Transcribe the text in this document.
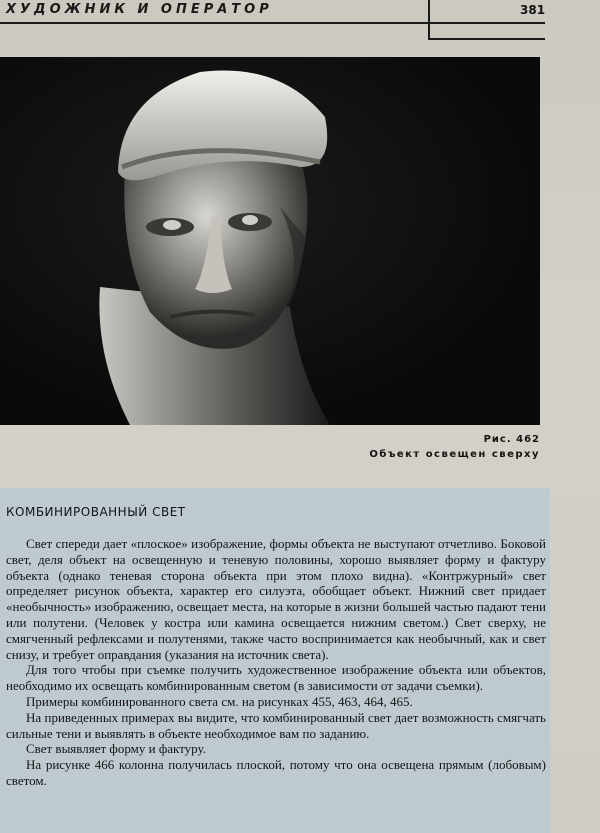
ХУДОЖНИК И ОПЕРАТОР	381
Рис. 462
Объект освещен сверху
КОМБИНИРОВАННЫЙ СВЕТ

Свет спереди дает «плоское» изображение, формы объекта не выступают отчетливо. Боковой свет, деля объект на освещенную и теневую половины, хорошо выявляет форму и фактуру объекта (однако теневая сторона объекта при этом плохо видна). «Контржурный» свет определяет рисунок объекта, характер его силуэта, обобщает объект. Нижний свет придает «необычность» изображению, освещает места, на которые в жизни большей частью падают тени или полутени. (Человек у костра или камина освещается нижним светом.) Свет сверху, не смягченный рефлексами и полутенями, также часто воспринимается как необычный, как и свет снизу, и требует оправдания (указания на источник света).

Для того чтобы при съемке получить художественное изображение объекта или объектов, необходимо их освещать комбинированным светом (в зависимости от задачи съемки).

Примеры комбинированного света см. на рисунках 455, 463, 464, 465.

На приведенных примерах вы видите, что комбинированный свет дает возможность смягчать сильные тени и выявлять в объекте необходимое вам по заданию.

Свет выявляет форму и фактуру.

На рисунке 466 колонна получилась плоской, потому что она освещена прямым (лобовым) светом.
